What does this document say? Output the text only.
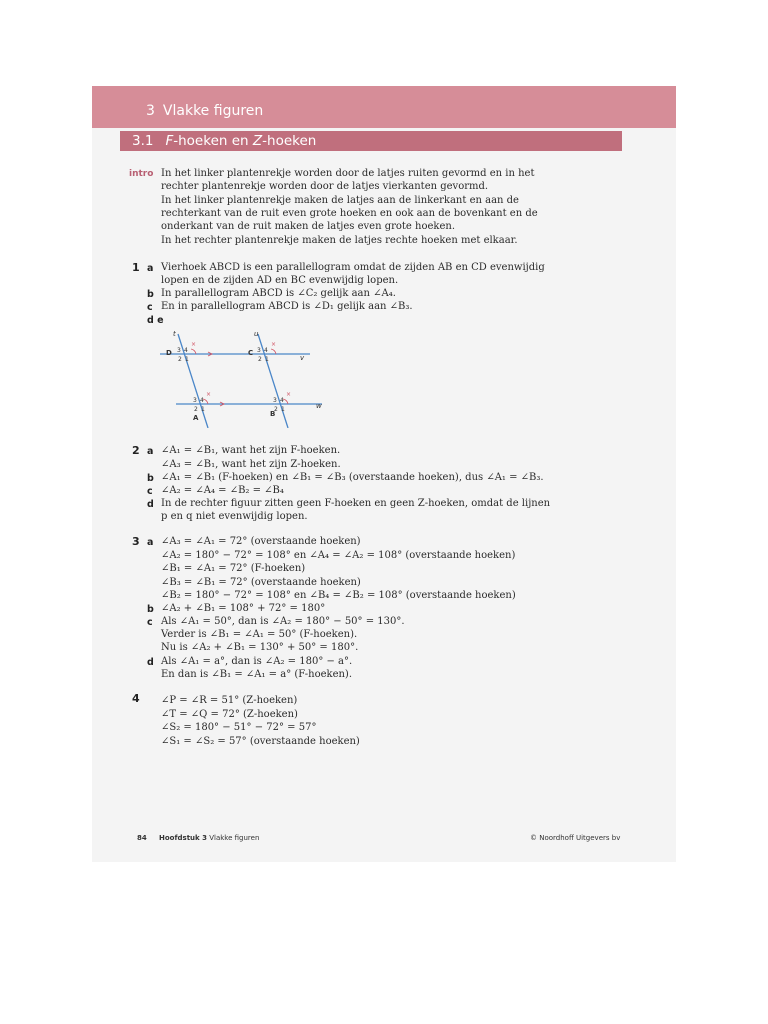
3 Vlakke figuren
3.1 F-hoeken en Z-hoeken
intro In het linker plantenrekje worden door de latjes ruiten gevormd en in het
rechter plantenrekje worden door de latjes vierkanten gevormd.
In het linker plantenrekje maken de latjes aan de linkerkant en aan de
rechterkant van de ruit even grote hoeken en ook aan de bovenkant en de
onderkant van de ruit maken de latjes even grote hoeken.
In het rechter plantenrekje maken de latjes rechte hoeken met elkaar.
1 a Vierhoek ABCD is een parallellogram omdat de zijden AB en CD evenwijdig
lopen en de zijden AD en BC evenwijdig lopen.
b In parallellogram ABCD is ∠C₂ gelijk aan ∠A₄.
c En in parallellogram ABCD is ∠D₁ gelijk aan ∠B₃.
d e
t	u
v
w
D	C
A	B
3 4
2 1
3 4
2 1
3 4
2 1
3 4
2 1
×	×
×	×
2 a ∠A₁ = ∠B₁, want het zijn F-hoeken.
∠A₃ = ∠B₁, want het zijn Z-hoeken.
b ∠A₁ = ∠B₁ (F-hoeken) en ∠B₁ = ∠B₃ (overstaande hoeken), dus ∠A₁ = ∠B₃.
c ∠A₂ = ∠A₄ = ∠B₂ = ∠B₄
d In de rechter figuur zitten geen F-hoeken en geen Z-hoeken, omdat de lijnen
p en q niet evenwijdig lopen.
3 a ∠A₃ = ∠A₁ = 72° (overstaande hoeken)
∠A₂ = 180° − 72° = 108° en ∠A₄ = ∠A₂ = 108° (overstaande hoeken)
∠B₁ = ∠A₁ = 72° (F-hoeken)
∠B₃ = ∠B₁ = 72° (overstaande hoeken)
∠B₂ = 180° − 72° = 108° en ∠B₄ = ∠B₂ = 108° (overstaande hoeken)
b ∠A₂ + ∠B₁ = 108° + 72° = 180°
c Als ∠A₁ = 50°, dan is ∠A₂ = 180° − 50° = 130°.
Verder is ∠B₁ = ∠A₁ = 50° (F-hoeken).
Nu is ∠A₂ + ∠B₁ = 130° + 50° = 180°.
d Als ∠A₁ = a°, dan is ∠A₂ = 180° − a°.
En dan is ∠B₁ = ∠A₁ = a° (F-hoeken).
4 ∠P = ∠R = 51° (Z-hoeken)
∠T = ∠Q = 72° (Z-hoeken)
∠S₂ = 180° − 51° − 72° = 57°
∠S₁ = ∠S₂ = 57° (overstaande hoeken)
84 Hoofdstuk 3 Vlakke figuren	© Noordhoff Uitgevers bv
